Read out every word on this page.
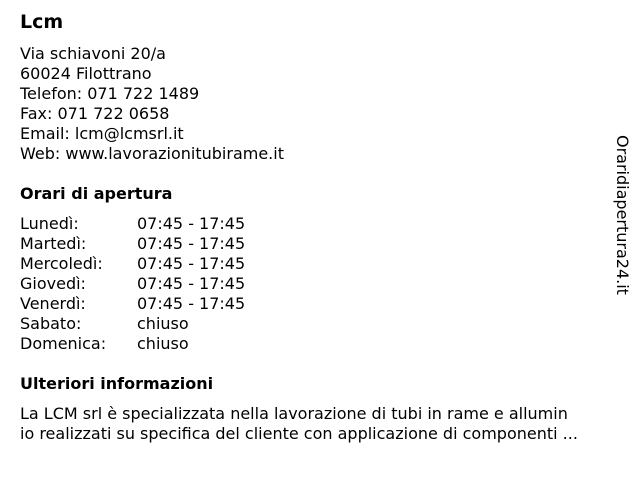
Lcm
Via schiavoni 20/a
60024 Filottrano
Telefon: 071 722 1489
Fax: 071 722 0658
Email: lcm@lcmsrl.it
Web: www.lavorazionitubirame.it
Orari di apertura
Lunedì:	07:45 - 17:45
Martedì:	07:45 - 17:45
Mercoledì: 07:45 - 17:45
Giovedì:	07:45 - 17:45
Venerdì:	07:45 - 17:45
Sabato:	chiuso
Domenica: chiuso
Ulteriori informazioni
La LCM srl è specializzata nella lavorazione di tubi in rame e allumin
io realizzati su specifica del cliente con applicazione di componenti ...
Oraridiapertura24.it
